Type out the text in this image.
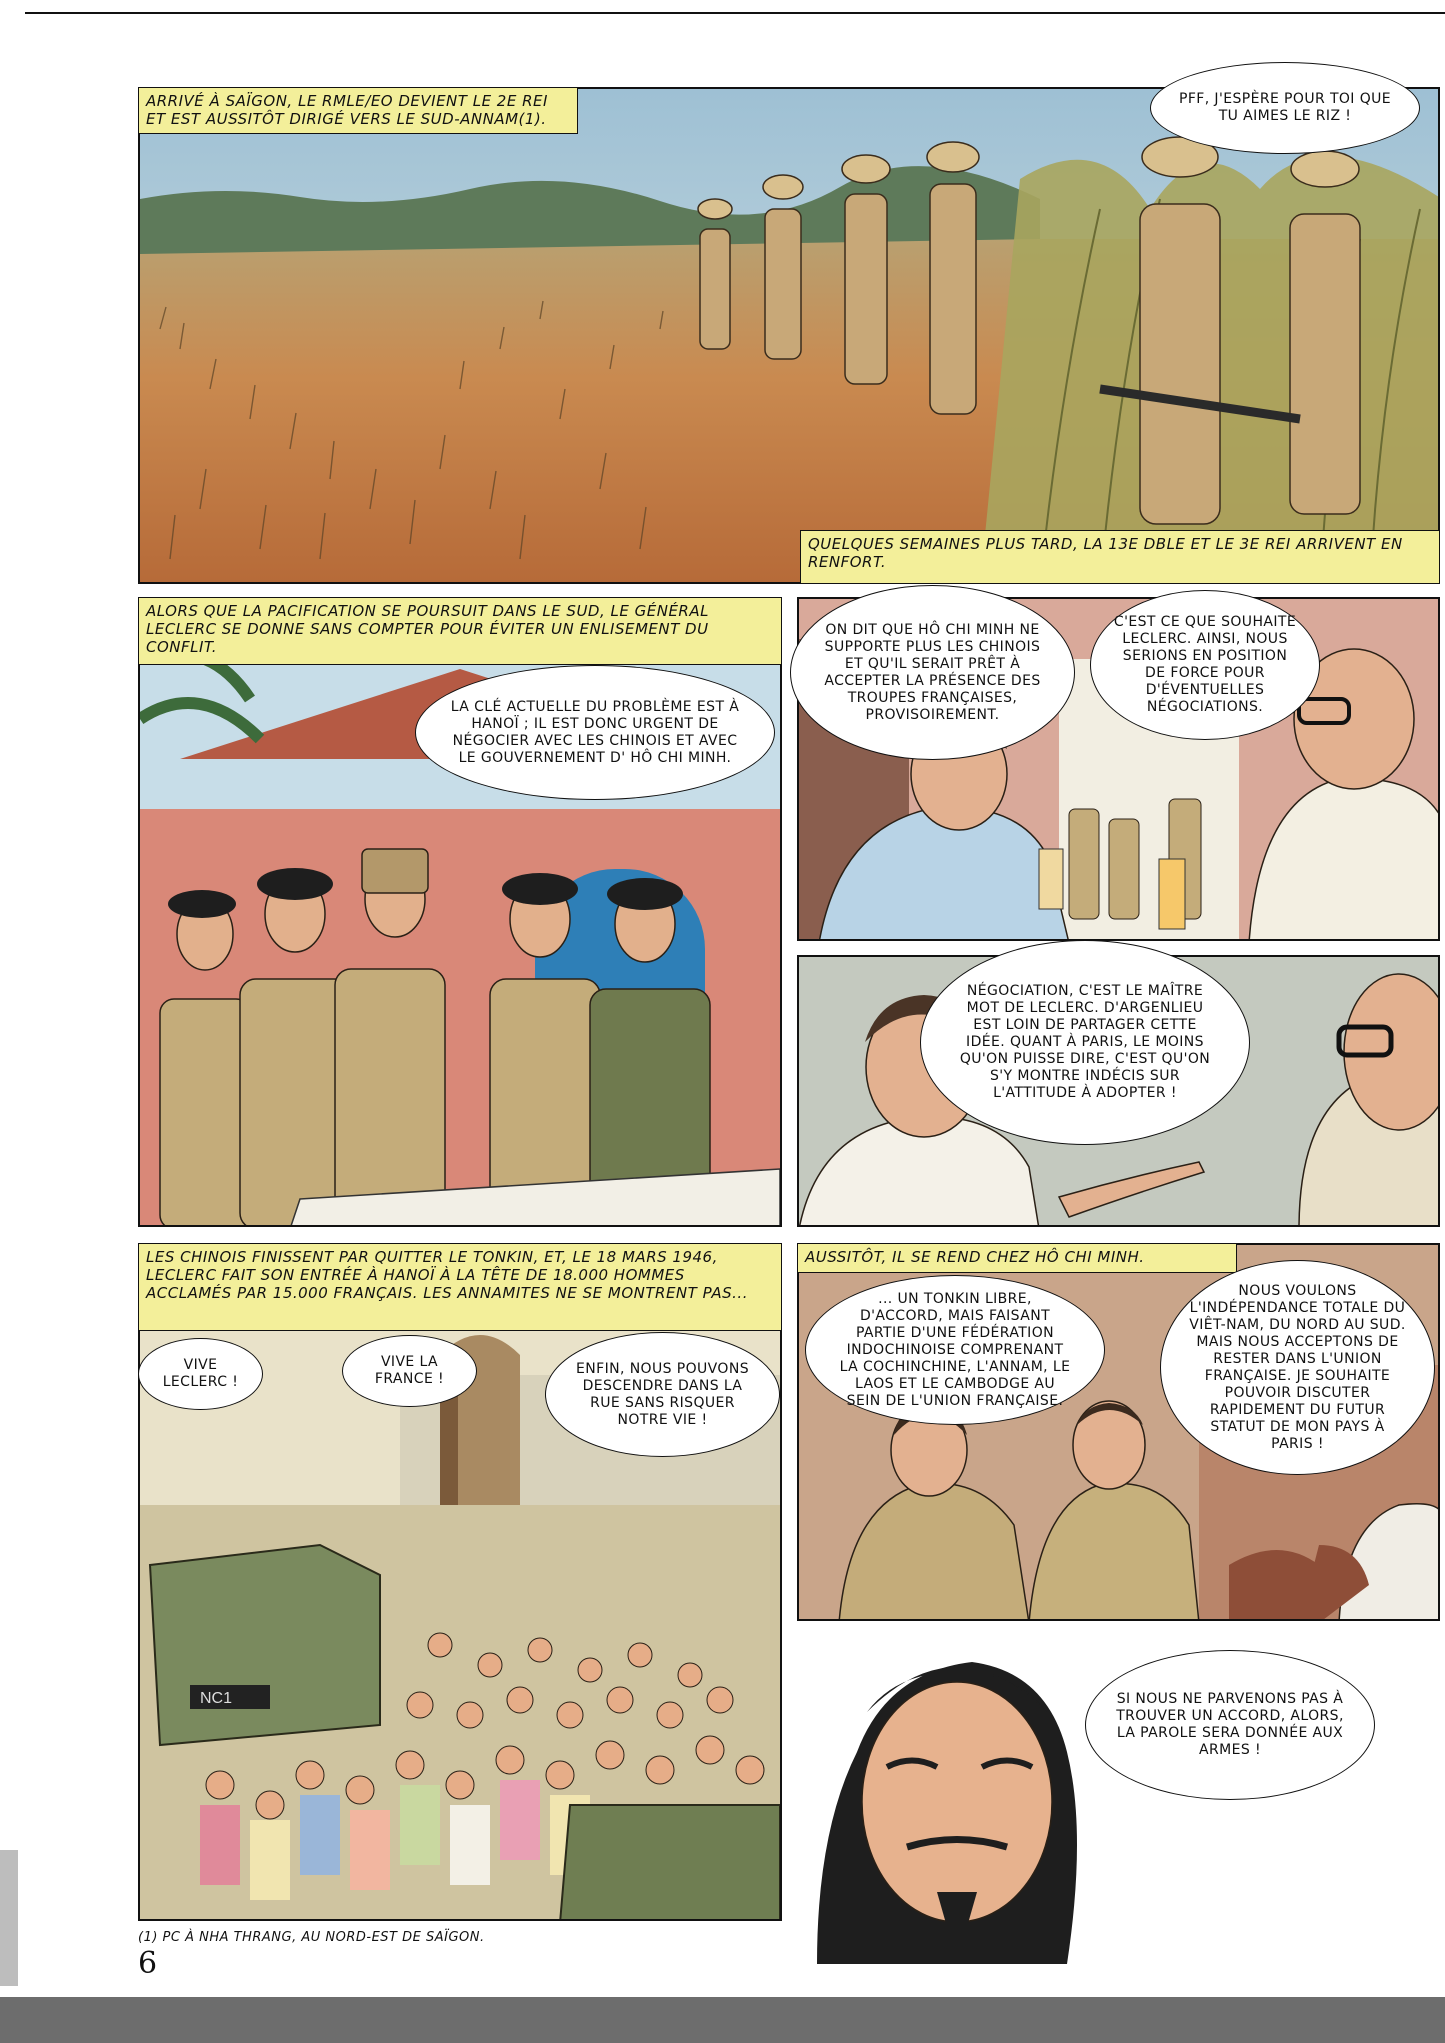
ARRIVÉ À SAÏGON, LE RMLE/EO DEVIENT LE 2E REI ET EST AUSSITÔT DIRIGÉ VERS LE SUD-ANNAM(1).
PFF, J'ESPÈRE POUR TOI QUE TU AIMES LE RIZ !
QUELQUES SEMAINES PLUS TARD, LA 13E DBLE ET LE 3E REI ARRIVENT EN RENFORT.
ALORS QUE LA PACIFICATION SE POURSUIT DANS LE SUD, LE GÉNÉRAL LECLERC SE DONNE SANS COMPTER POUR ÉVITER UN ENLISEMENT DU CONFLIT.
LA CLÉ ACTUELLE DU PROBLÈME EST À HANOÏ ; IL EST DONC URGENT DE NÉGOCIER AVEC LES CHINOIS ET AVEC LE GOUVERNEMENT D' HÔ CHI MINH.
ON DIT QUE HÔ CHI MINH NE SUPPORTE PLUS LES CHINOIS ET QU'IL SERAIT PRÊT À ACCEPTER LA PRÉSENCE DES TROUPES FRANÇAISES, PROVISOIREMENT.
C'EST CE QUE SOUHAITE LECLERC. AINSI, NOUS SERIONS EN POSITION DE FORCE POUR D'ÉVENTUELLES NÉGOCIATIONS.
NÉGOCIATION, C'EST LE MAÎTRE MOT DE LECLERC. D'ARGENLIEU EST LOIN DE PARTAGER CETTE IDÉE. QUANT À PARIS, LE MOINS QU'ON PUISSE DIRE, C'EST QU'ON S'Y MONTRE INDÉCIS SUR L'ATTITUDE À ADOPTER !
NC1
LES CHINOIS FINISSENT PAR QUITTER LE TONKIN, ET, LE 18 MARS 1946, LECLERC FAIT SON ENTRÉE À HANOÏ À LA TÊTE DE 18.000 HOMMES ACCLAMÉS PAR 15.000 FRANÇAIS. LES ANNAMITES NE SE MONTRENT PAS...
VIVE LECLERC !
VIVE LA FRANCE !
ENFIN, NOUS POUVONS DESCENDRE DANS LA RUE SANS RISQUER NOTRE VIE !
AUSSITÔT, IL SE REND CHEZ HÔ CHI MINH.
... UN TONKIN LIBRE, D'ACCORD, MAIS FAISANT PARTIE D'UNE FÉDÉRATION INDOCHINOISE COMPRENANT LA COCHINCHINE, L'ANNAM, LE LAOS ET LE CAMBODGE AU SEIN DE L'UNION FRANÇAISE.
NOUS VOULONS L'INDÉPENDANCE TOTALE DU VIÊT-NAM, DU NORD AU SUD. MAIS NOUS ACCEPTONS DE RESTER DANS L'UNION FRANÇAISE. JE SOUHAITE POUVOIR DISCUTER RAPIDEMENT DU FUTUR STATUT DE MON PAYS À PARIS !
SI NOUS NE PARVENONS PAS À TROUVER UN ACCORD, ALORS, LA PAROLE SERA DONNÉE AUX ARMES !
(1) PC À NHA THRANG, AU NORD-EST DE SAÏGON.
6
